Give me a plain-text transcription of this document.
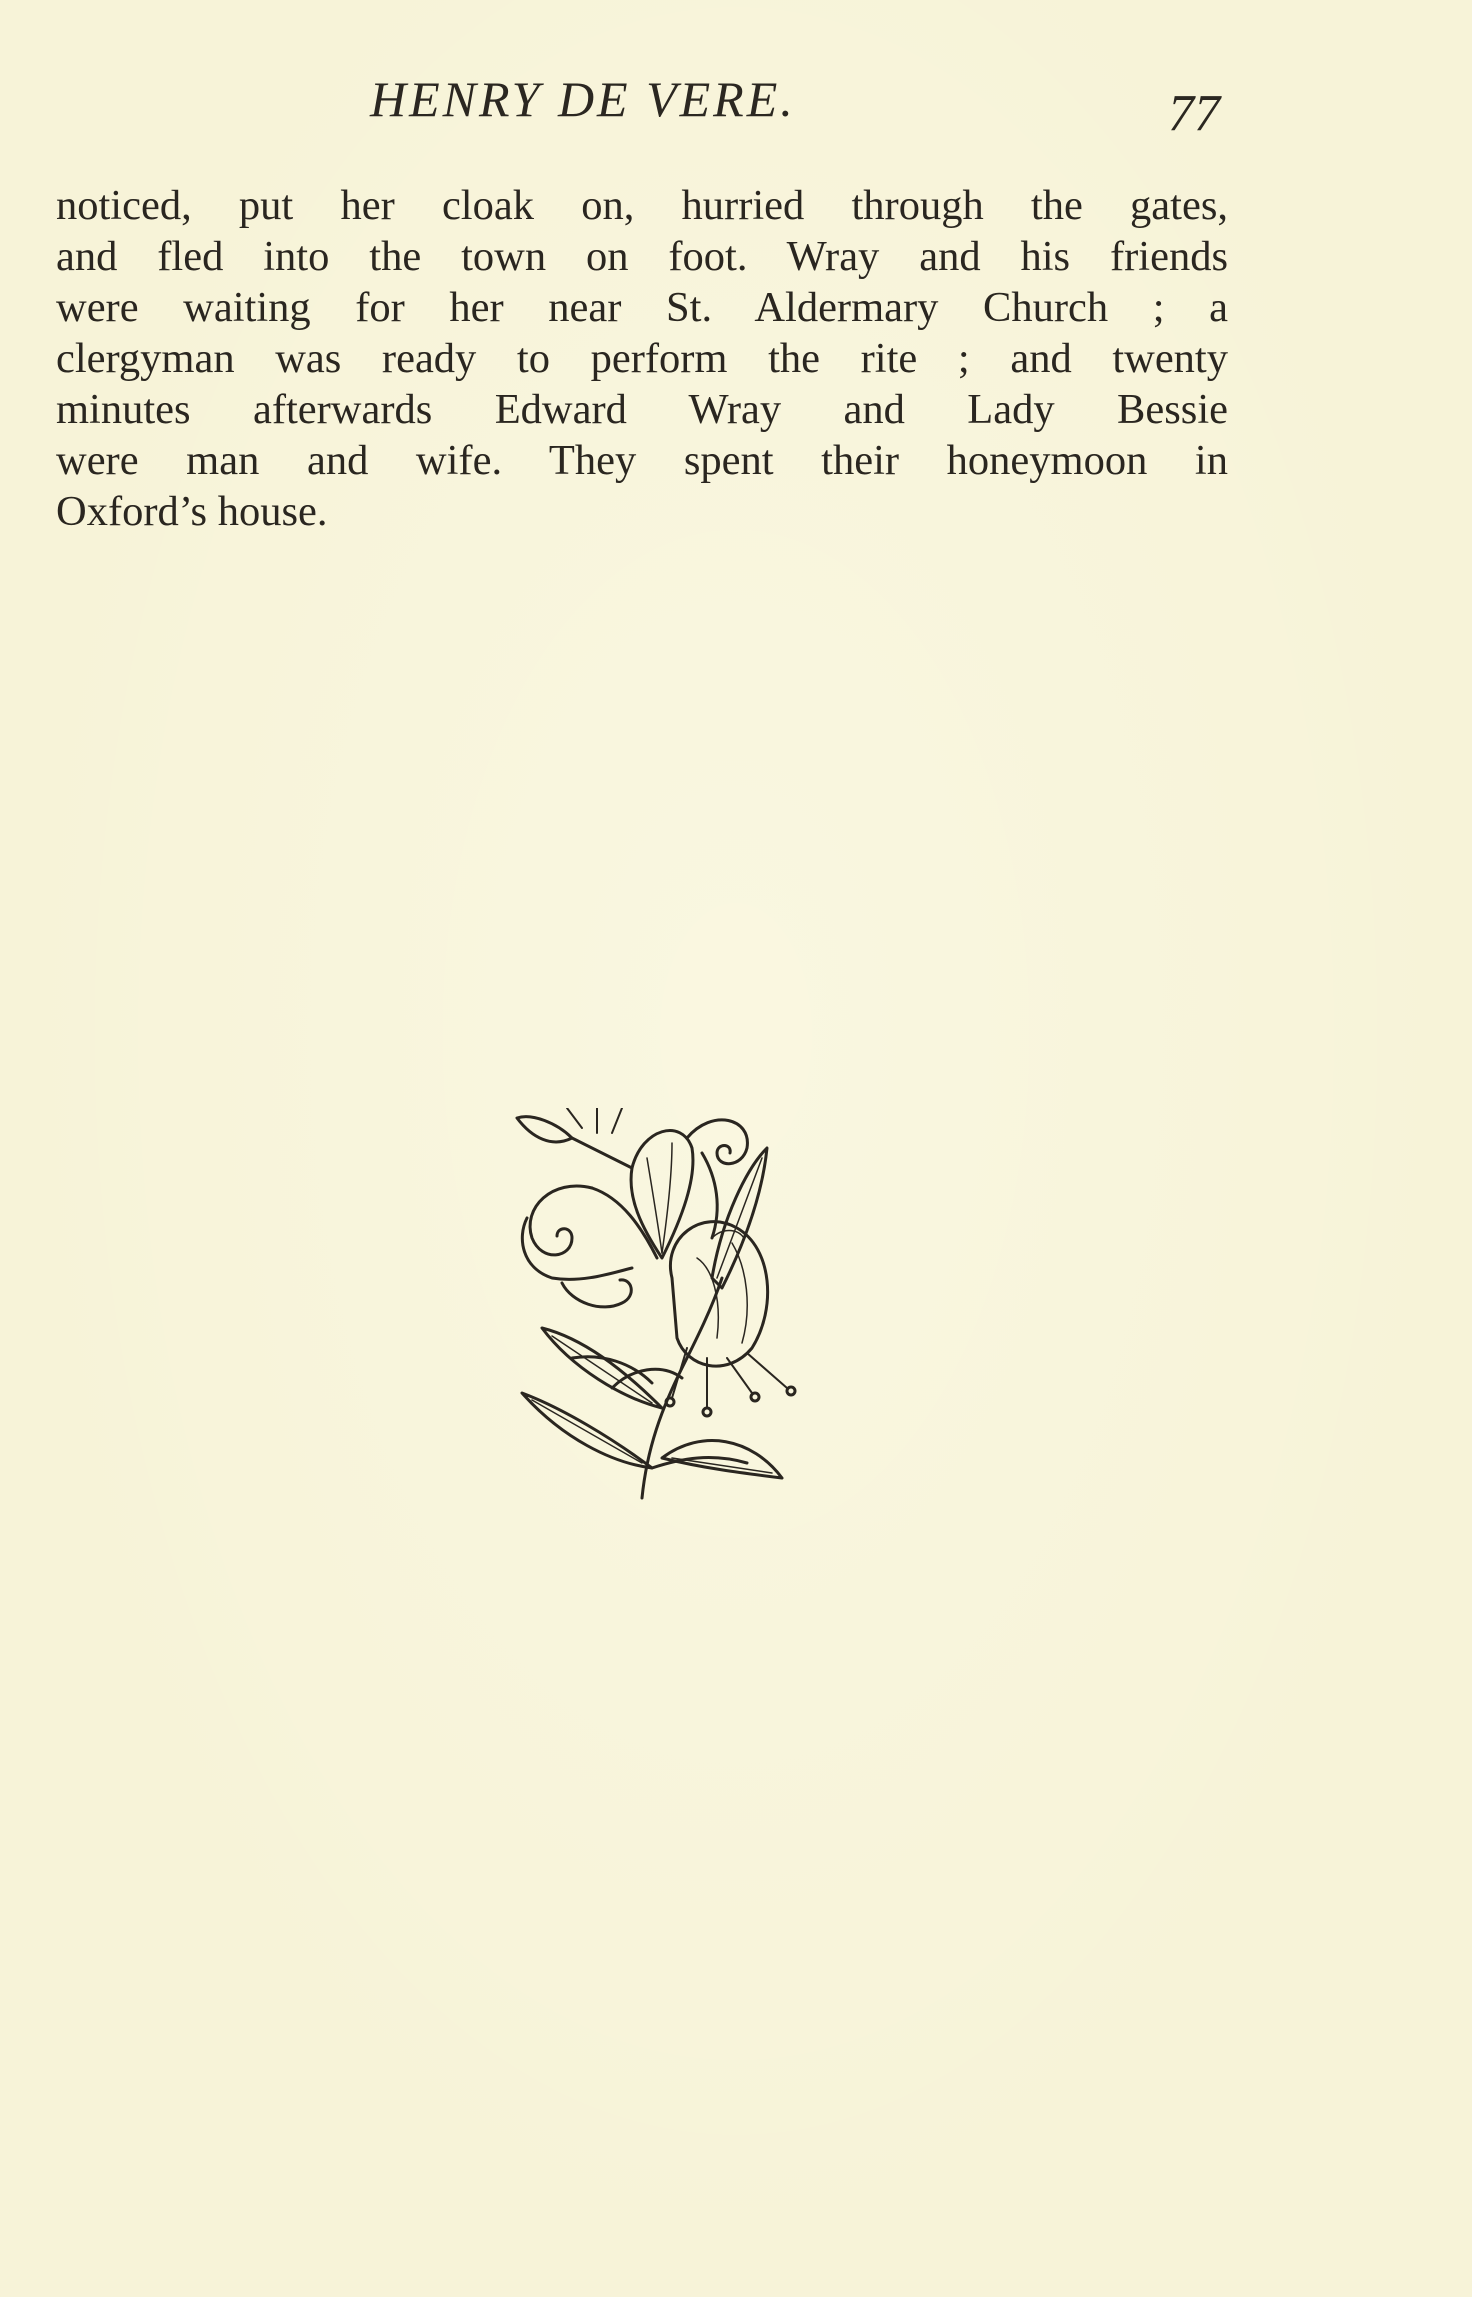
HENRY DE VERE.	77
noticed, put her cloak on, hurried through the gates,
and fled into the town on foot. Wray and his friends
were waiting for her near St. Aldermary Church ; a
clergyman was ready to perform the rite ; and twenty
minutes afterwards Edward Wray and Lady Bessie
were man and wife. They spent their honeymoon in
Oxford’s house.
